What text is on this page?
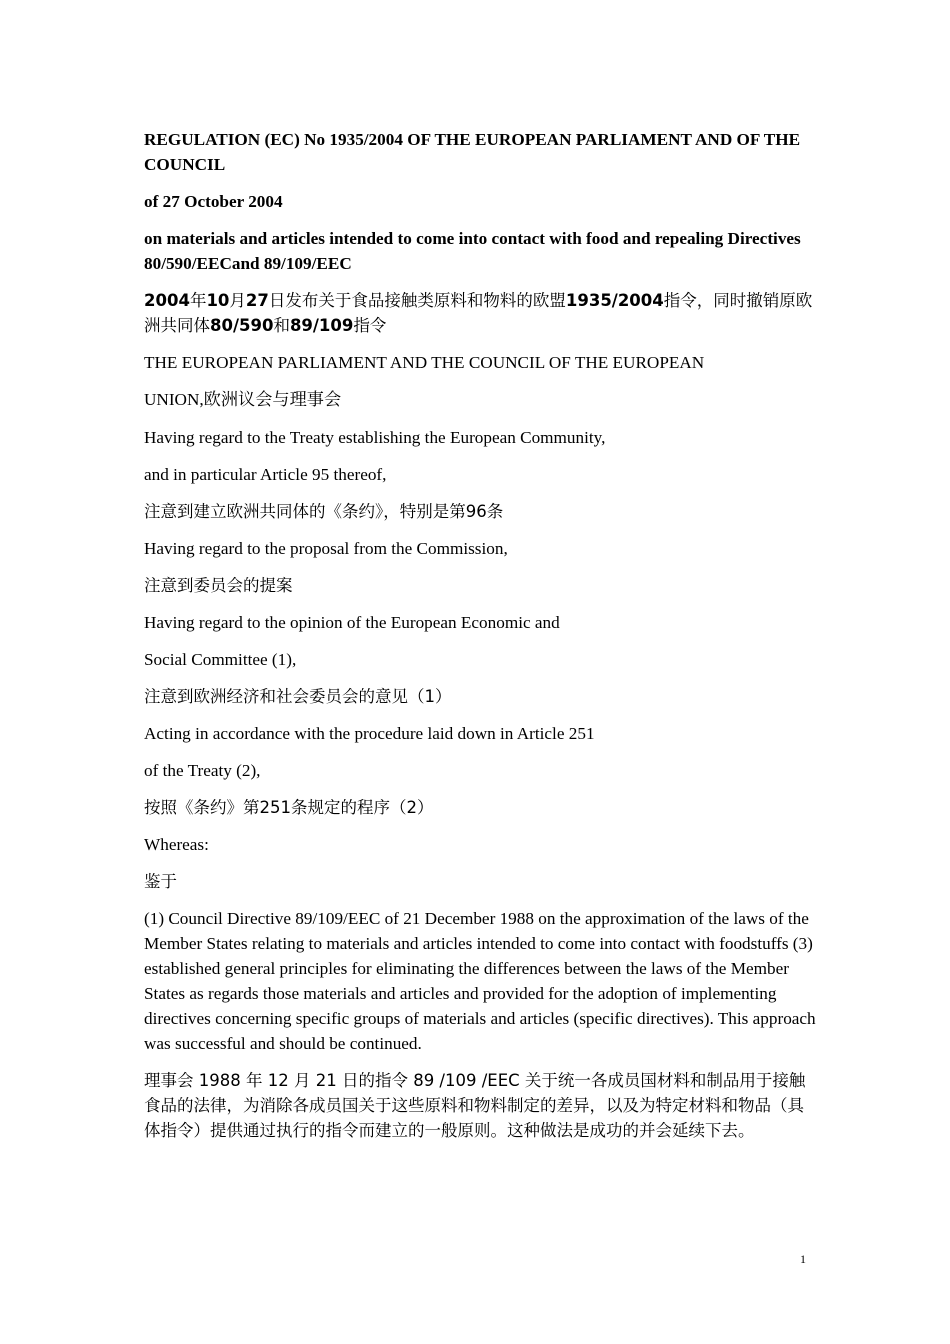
REGULATION (EC) No 1935/2004 OF THE EUROPEAN PARLIAMENT AND OF THE COUNCIL

of 27 October 2004

on materials and articles intended to come into contact with food and repealing Directives 80/590/EECand 89/109/EEC

2004年10月27日发布关于食品接触类原料和物料的欧盟1935/2004指令，同时撤销原欧洲共同体80/590和89/109指令

THE EUROPEAN PARLIAMENT AND THE COUNCIL OF THE EUROPEAN

UNION,欧洲议会与理事会

Having regard to the Treaty establishing the European Community,

and in particular Article 95 thereof,

注意到建立欧洲共同体的《条约》，特别是第96条

Having regard to the proposal from the Commission,

注意到委员会的提案

Having regard to the opinion of the European Economic and

Social Committee (1),

注意到欧洲经济和社会委员会的意见（1）

Acting in accordance with the procedure laid down in Article 251

of the Treaty (2),

按照《条约》第251条规定的程序（2）

Whereas:

鉴于

(1) Council Directive 89/109/EEC of 21 December 1988 on the approximation of the laws of the Member States relating to materials and articles intended to come into contact with foodstuffs (3) established general principles for eliminating the differences between the laws of the Member States as regards those materials and articles and provided for the adoption of implementing directives concerning specific groups of materials and articles (specific directives). This approach was successful and should be continued.

理事会 1988 年 12 月 21 日的指令 89 /109 /EEC 关于统一各成员国材料和制品用于接触食品的法律，为消除各成员国关于这些原料和物料制定的差异，以及为特定材料和物品（具体指令）提供通过执行的指令而建立的一般原则。这种做法是成功的并会延续下去。

1
